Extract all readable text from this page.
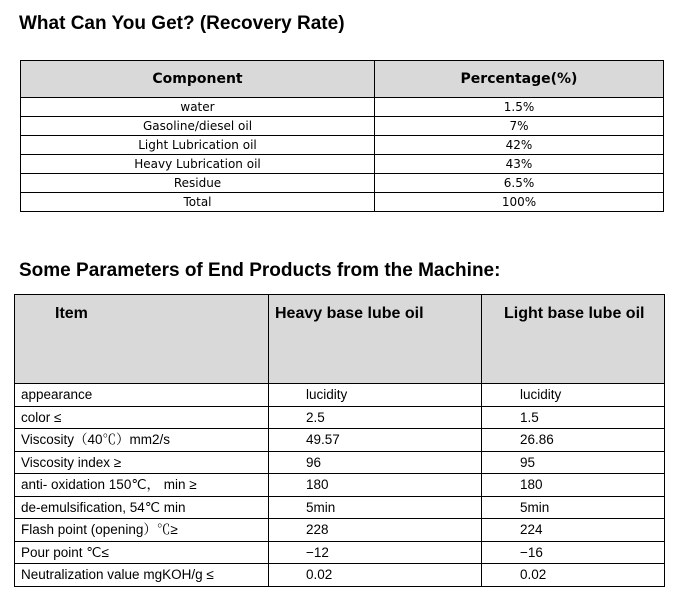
What Can You Get? (Recovery Rate)
Component	Percentage(%)
water	1.5%
Gasoline/diesel oil	7%
Light Lubrication oil	42%
Heavy Lubrication oil	43%
Residue	6.5%
Total	100%
Some Parameters of End Products from the Machine:
Item	Heavy base lube oil	Light base lube oil
appearance	lucidity	lucidity
color ≤	2.5	1.5
Viscosity（40℃）mm2/s	49.57	26.86
Viscosity index ≥	96	95
anti- oxidation 150℃， min ≥	180	180
de-emulsification, 54℃ min	5min	5min
Flash point (opening）℃≥	228	224
Pour point ℃≤	−12	−16
Neutralization value mgKOH/g ≤	0.02	0.02
